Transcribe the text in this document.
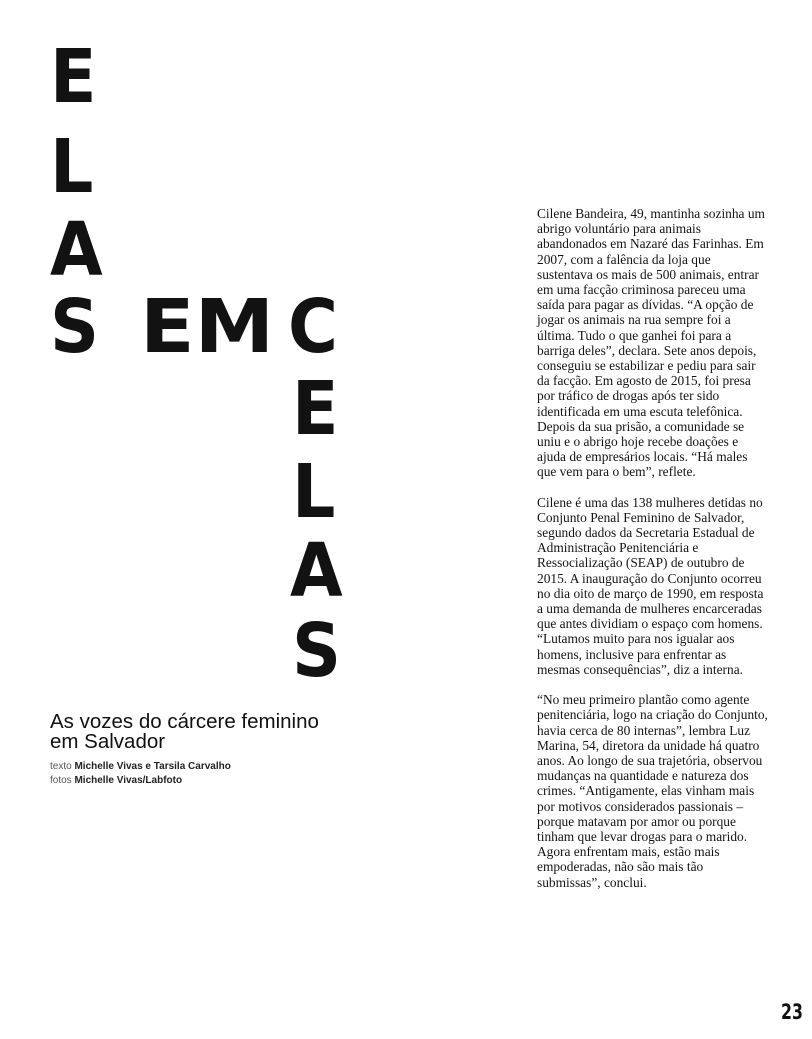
E
L
A
S EM C
E
L
A
S
As vozes do cárcere feminino
em Salvador
texto Michelle Vivas e Tarsila Carvalho
fotos Michelle Vivas/Labfoto

Cilene Bandeira, 49, mantinha sozinha um abrigo voluntário para animais abandonados em Nazaré das Farinhas. Em 2007, com a falência da loja que sustentava os mais de 500 animais, entrar em uma facção criminosa pareceu uma saída para pagar as dívidas. “A opção de jogar os animais na rua sempre foi a última. Tudo o que ganhei foi para a barriga deles”, declara. Sete anos depois, conseguiu se estabilizar e pediu para sair da facção. Em agosto de 2015, foi presa por tráfico de drogas após ter sido identificada em uma escuta telefônica. Depois da sua prisão, a comunidade se uniu e o abrigo hoje recebe doações e ajuda de empresários locais. “Há males que vem para o bem”, reflete.

Cilene é uma das 138 mulheres detidas no Conjunto Penal Feminino de Salvador, segundo dados da Secretaria Estadual de Administração Penitenciária e Ressocialização (SEAP) de outubro de 2015. A inauguração do Conjunto ocorreu no dia oito de março de 1990, em resposta a uma demanda de mulheres encarceradas que antes dividiam o espaço com homens. “Lutamos muito para nos igualar aos homens, inclusive para enfrentar as mesmas consequências”, diz a interna.

“No meu primeiro plantão como agente penitenciária, logo na criação do Conjunto, havia cerca de 80 internas”, lembra Luz Marina, 54, diretora da unidade há quatro anos. Ao longo de sua trajetória, observou mudanças na quantidade e natureza dos crimes. “Antigamente, elas vinham mais por motivos considerados passionais – porque matavam por amor ou porque tinham que levar drogas para o marido. Agora enfrentam mais, estão mais empoderadas, não são mais tão submissas”, conclui.

23
